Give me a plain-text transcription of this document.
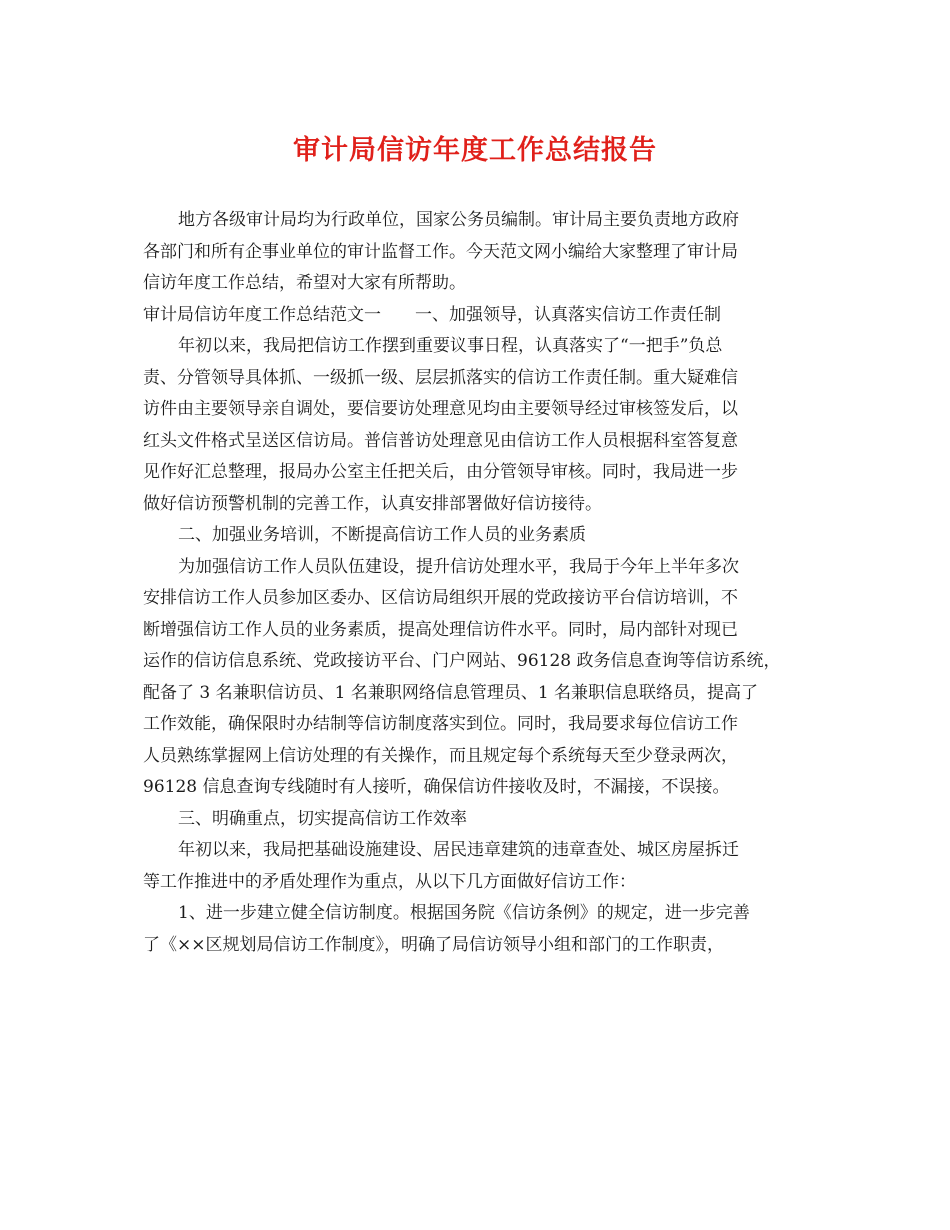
审计局信访年度工作总结报告
地方各级审计局均为行政单位，国家公务员编制。审计局主要负责地方政府
各部门和所有企事业单位的审计监督工作。今天范文网小编给大家整理了审计局
信访年度工作总结，希望对大家有所帮助。
审计局信访年度工作总结范文一　　一、加强领导，认真落实信访工作责任制
年初以来，我局把信访工作摆到重要议事日程，认真落实了“一把手”负总
责、分管领导具体抓、一级抓一级、层层抓落实的信访工作责任制。重大疑难信
访件由主要领导亲自调处，要信要访处理意见均由主要领导经过审核签发后，以
红头文件格式呈送区信访局。普信普访处理意见由信访工作人员根据科室答复意
见作好汇总整理，报局办公室主任把关后，由分管领导审核。同时，我局进一步
做好信访预警机制的完善工作，认真安排部署做好信访接待。
二、加强业务培训，不断提高信访工作人员的业务素质
为加强信访工作人员队伍建设，提升信访处理水平，我局于今年上半年多次
安排信访工作人员参加区委办、区信访局组织开展的党政接访平台信访培训，不
断增强信访工作人员的业务素质，提高处理信访件水平。同时，局内部针对现已
运作的信访信息系统、党政接访平台、门户网站、96128 政务信息查询等信访系统，
配备了 3 名兼职信访员、1 名兼职网络信息管理员、1 名兼职信息联络员，提高了
工作效能，确保限时办结制等信访制度落实到位。同时，我局要求每位信访工作
人员熟练掌握网上信访处理的有关操作，而且规定每个系统每天至少登录两次，
96128 信息查询专线随时有人接听，确保信访件接收及时，不漏接，不误接。
三、明确重点，切实提高信访工作效率
年初以来，我局把基础设施建设、居民违章建筑的违章查处、城区房屋拆迁
等工作推进中的矛盾处理作为重点，从以下几方面做好信访工作：
1、进一步建立健全信访制度。根据国务院《信访条例》的规定，进一步完善
了《××区规划局信访工作制度》，明确了局信访领导小组和部门的工作职责，
